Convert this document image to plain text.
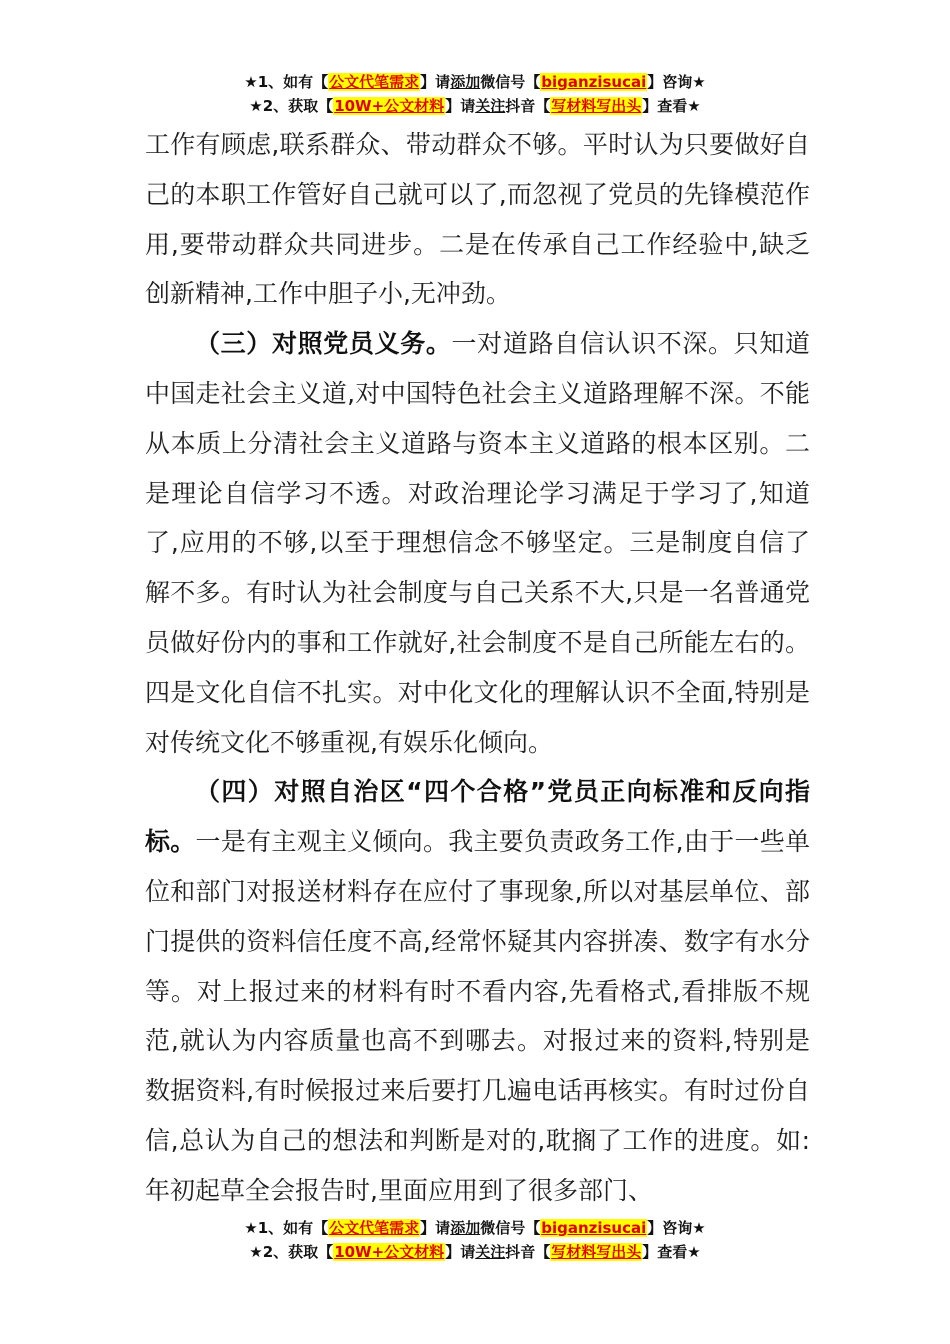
★1、如有【公文代笔需求】请添加微信号【biganzisucai】咨询★
★2、获取【10W+公文材料】请关注抖音【写材料写出头】查看★

工作有顾虑,联系群众、带动群众不够。平时认为只要做好自己的本职工作管好自己就可以了,而忽视了党员的先锋模范作用,要带动群众共同进步。二是在传承自己工作经验中,缺乏创新精神,工作中胆子小,无冲劲。

（三）对照党员义务。一对道路自信认识不深。只知道中国走社会主义道,对中国特色社会主义道路理解不深。不能从本质上分清社会主义道路与资本主义道路的根本区别。二是理论自信学习不透。对政治理论学习满足于学习了,知道了,应用的不够,以至于理想信念不够坚定。三是制度自信了解不多。有时认为社会制度与自己关系不大,只是一名普通党员做好份内的事和工作就好,社会制度不是自己所能左右的。四是文化自信不扎实。对中化文化的理解认识不全面,特别是对传统文化不够重视,有娱乐化倾向。

（四）对照自治区“四个合格”党员正向标准和反向指标。一是有主观主义倾向。我主要负责政务工作,由于一些单位和部门对报送材料存在应付了事现象,所以对基层单位、部门提供的资料信任度不高,经常怀疑其内容拼凑、数字有水分等。对上报过来的材料有时不看内容,先看格式,看排版不规范,就认为内容质量也高不到哪去。对报过来的资料,特别是数据资料,有时候报过来后要打几遍电话再核实。有时过份自信,总认为自己的想法和判断是对的,耽搁了工作的进度。如:年初起草全会报告时,里面应用到了很多部门、

★1、如有【公文代笔需求】请添加微信号【biganzisucai】咨询★
★2、获取【10W+公文材料】请关注抖音【写材料写出头】查看★
